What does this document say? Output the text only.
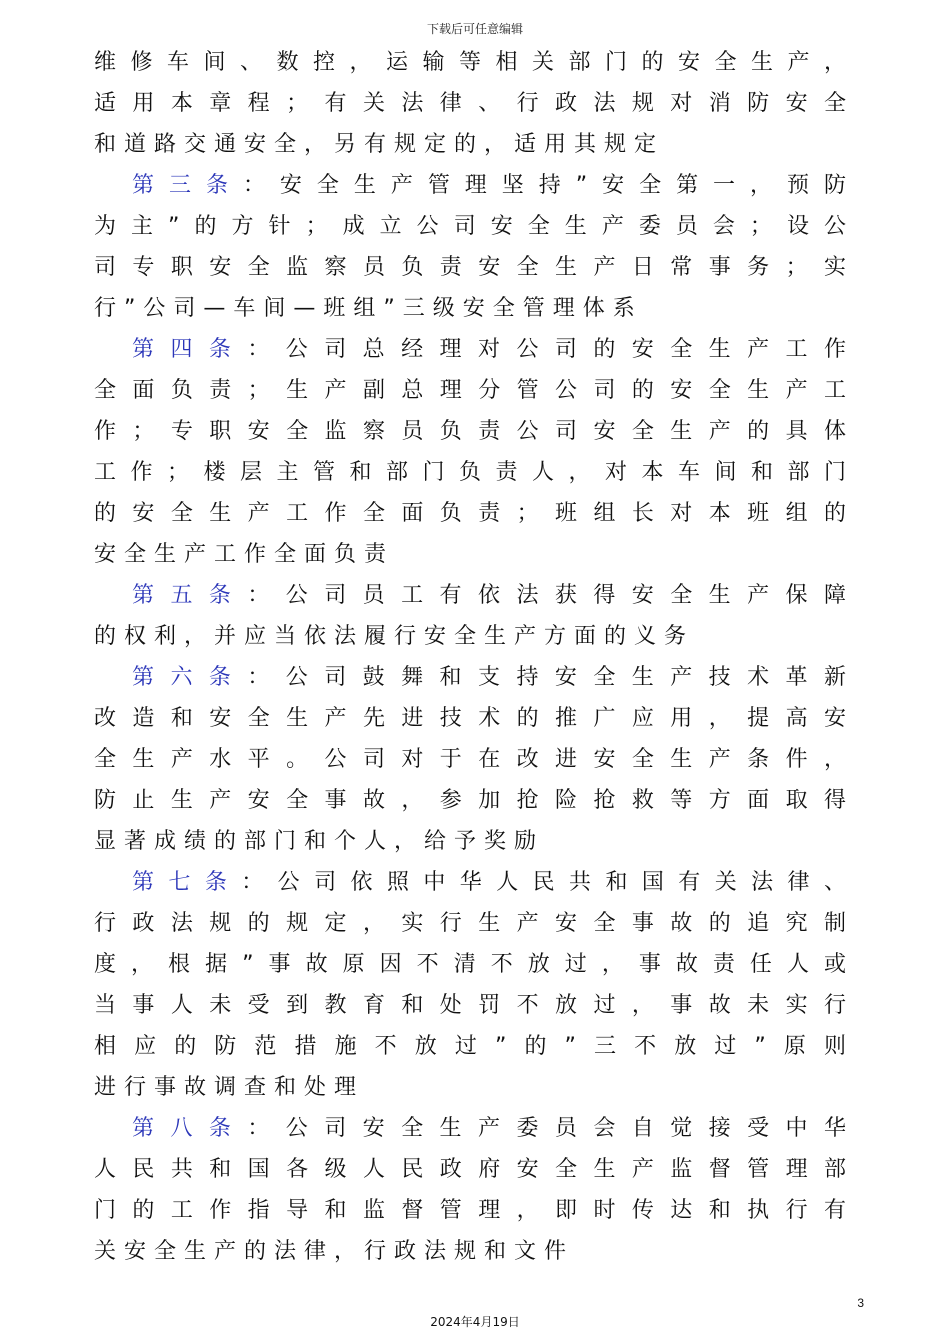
下载后可任意编辑
维修车间、数控，运输等相关部门的安全生产，
适用本章程；有关法律、行政法规对消防安全
和道路交通安全，另有规定的，适用其规定
第三条：安全生产管理坚持”安全第一，预防
为主”的方针；成立公司安全生产委员会；设公
司专职安全监察员负责安全生产日常事务；实
行”公司—车间—班组”三级安全管理体系
第四条：公司总经理对公司的安全生产工作
全面负责；生产副总理分管公司的安全生产工
作；专职安全监察员负责公司安全生产的具体
工作；楼层主管和部门负责人，对本车间和部门
的安全生产工作全面负责；班组长对本班组的
安全生产工作全面负责
第五条：公司员工有依法获得安全生产保障
的权利，并应当依法履行安全生产方面的义务
第六条：公司鼓舞和支持安全生产技术革新
改造和安全生产先进技术的推广应用，提高安
全生产水平。公司对于在改进安全生产条件，
防止生产安全事故，参加抢险抢救等方面取得
显著成绩的部门和个人，给予奖励
第七条：公司依照中华人民共和国有关法律、
行政法规的规定，实行生产安全事故的追究制
度，根据”事故原因不清不放过，事故责任人或
当事人未受到教育和处罚不放过，事故未实行
相应的防范措施不放过”的”三不放过”原则
进行事故调查和处理
第八条：公司安全生产委员会自觉接受中华
人民共和国各级人民政府安全生产监督管理部
门的工作指导和监督管理，即时传达和执行有
关安全生产的法律，行政法规和文件
3
2024年4月19日
